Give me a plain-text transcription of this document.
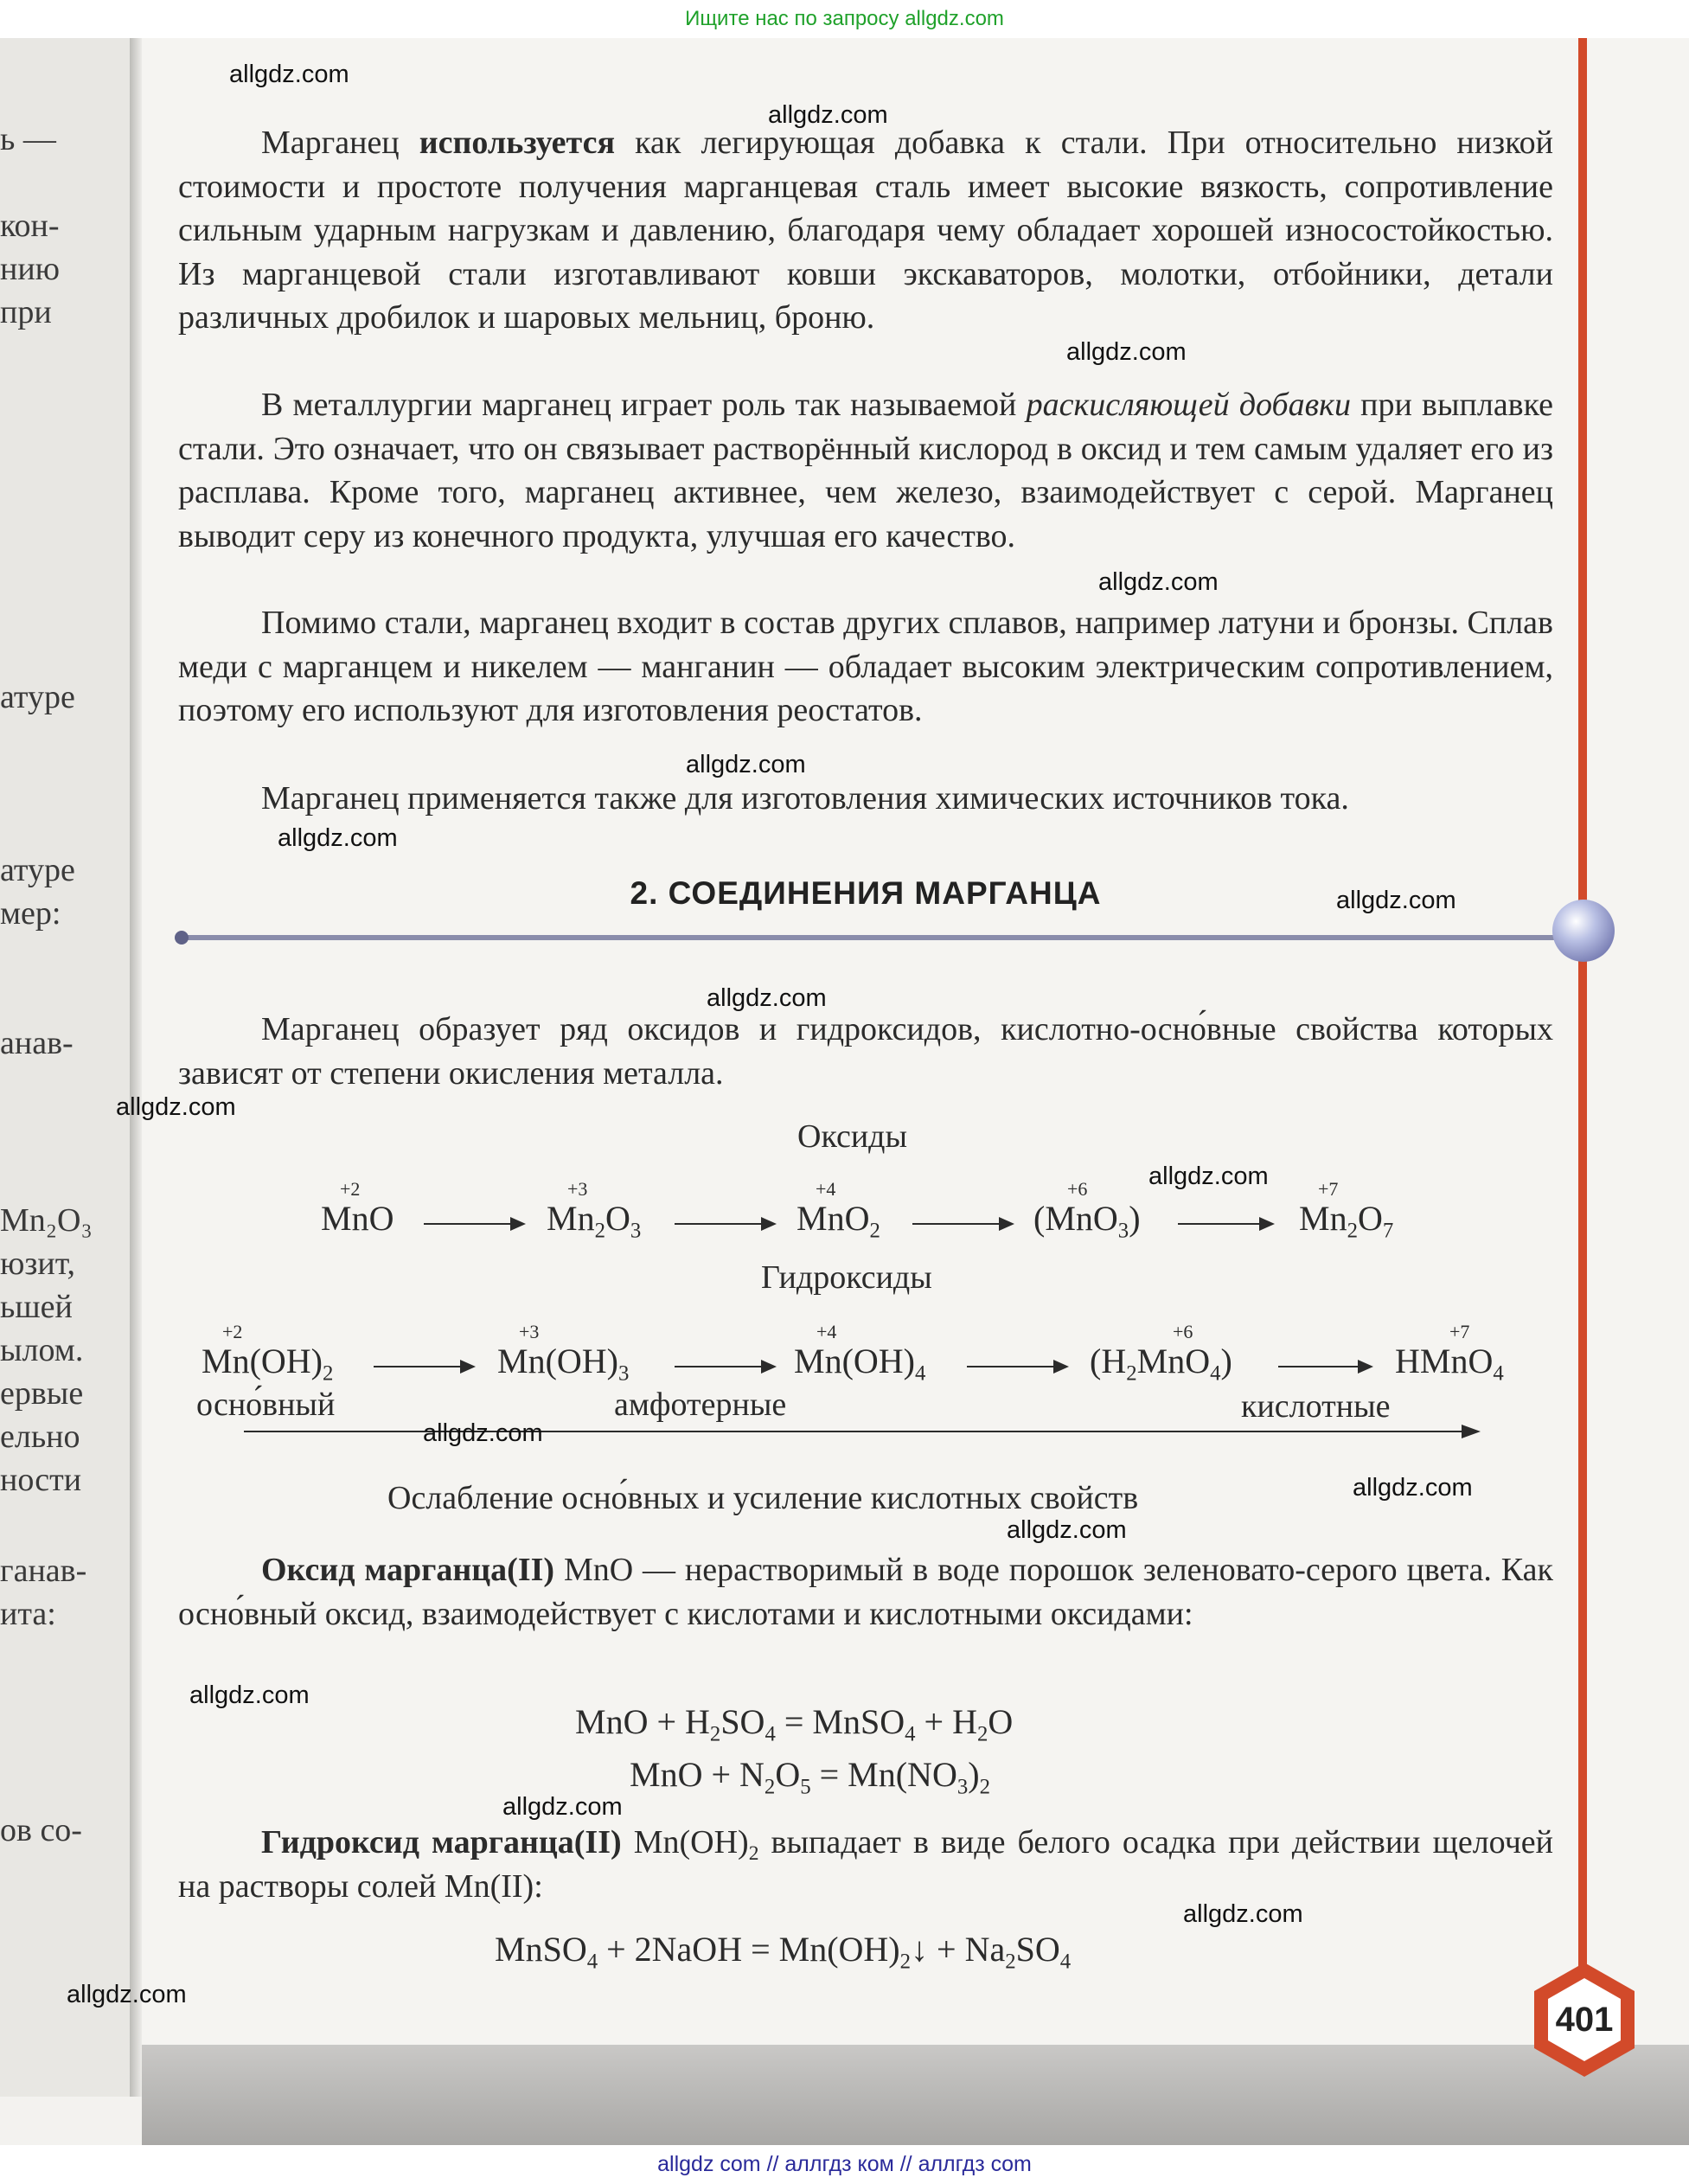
Ищите нас по запросу allgdz.com
ь —
кон-
нию
при
атуре
атуре
мер:
анав-
Mn₂O₃
юзит,
ьшей
ылом.
ервые
ельно
ности
ганав-
ита:
ов со-

Марганец используется как легирующая добавка к стали. При относительно низкой стоимости и простоте получения марганцевая сталь имеет высокие вязкость, сопротивление сильным ударным нагрузкам и давлению, благодаря чему обладает хорошей износостойкостью. Из марганцевой стали изготавливают ковши экскаваторов, молотки, отбойники, детали различных дробилок и шаровых мельниц, броню.

В металлургии марганец играет роль так называемой раскисляющей добавки при выплавке стали. Это означает, что он связывает растворённый кислород в оксид и тем самым удаляет его из расплава. Кроме того, марганец активнее, чем железо, взаимодействует с серой. Марганец выводит серу из конечного продукта, улучшая его качество.

Помимо стали, марганец входит в состав других сплавов, например латуни и бронзы. Сплав меди с марганцем и никелем — манганин — обладает высоким электрическим сопротивлением, поэтому его используют для изготовления реостатов.

Марганец применяется также для изготовления химических источников тока.

2. СОЕДИНЕНИЯ МАРГАНЦА

Марганец образует ряд оксидов и гидроксидов, кислотно-осно́вные свойства которых зависят от степени окисления металла.

Оксиды
+2	+3	+4	+6	+7
MnO	$Mn_2O_3$	MnO$_2$	(MnO$_3$)	$Mn_2O_7$
Гидроксиды
+2	+3	+4	+6	+7
$Mn(OH)_2$	$Mn(OH)_3$	$Mn(OH)_4$	$(H_2MnO_4)$	HMnO$_4$
осно́вный	амфотерные	кислотные
Ослабление осно́вных и усиление кислотных свойств

Оксид марганца(II) MnO — нерастворимый в воде порошок зеленовато-серого цвета. Как осно́вный оксид, взаимодействует с кислотами и кислотными оксидами:

MnO + $H_2SO_4$ = MnSO$_4$ + $H_2O$
MnO + $N_2O_5 = Mn(NO_3)_2$

Гидроксид марганца(II) $Mn(OH)_2$ выпадает в виде белого осадка при действии щелочей на растворы солей Mn(II):

MnSO$_4$ + 2NaOH = $Mn(OH)_2↓ + Na_2SO_4$
401
allgdz.com
allgdz.com
allgdz.com
allgdz.com
allgdz.com
allgdz.com
allgdz.com
allgdz.com
allgdz.com
allgdz.com
allgdz.com
allgdz.com
allgdz.com
allgdz.com
allgdz.com
allgdz.com
allgdz.com
allgdz com // аллгдз ком // аллгдз com
